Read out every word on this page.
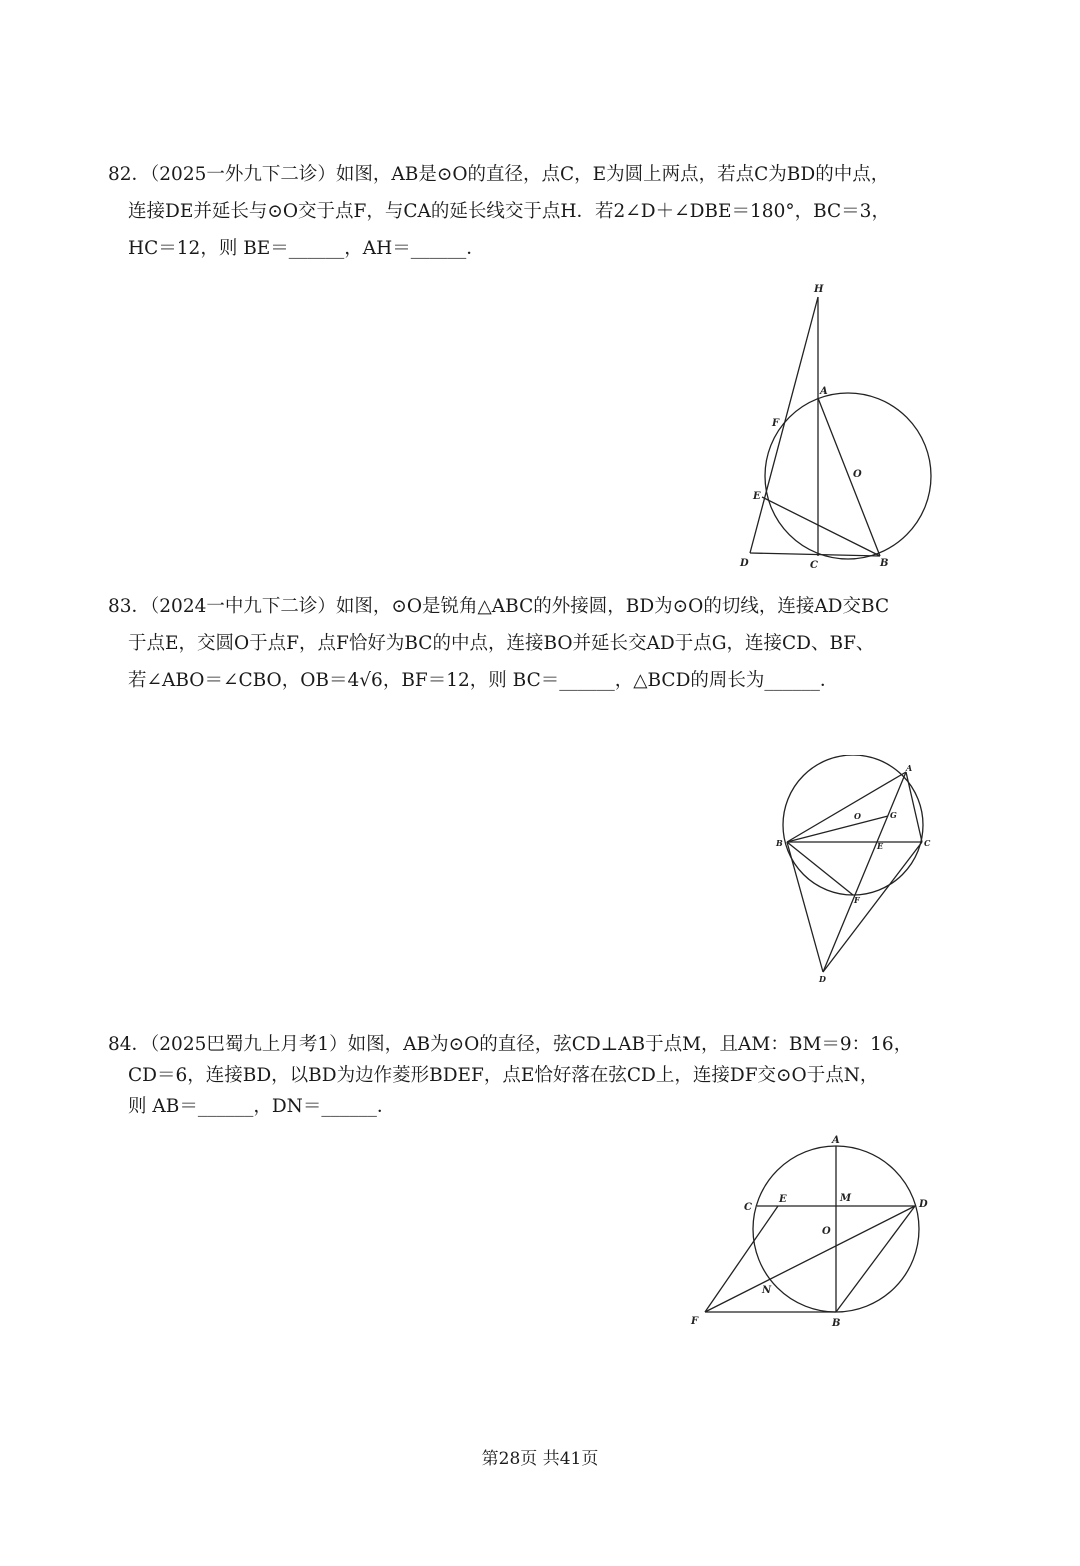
82．（2025一外九下二诊）如图，AB是⊙O的直径，点C，E为圆上两点，若点C为BD的中点，
连接DE并延长与⊙O交于点F，与CA的延长线交于点H．若2∠D＋∠DBE＝180°，BC＝3，
HC＝12，则 BE＝______，AH＝______．
H
A
F
O
E
D	C	B
83．（2024一中九下二诊）如图，⊙O是锐角△ABC的外接圆，BD为⊙O的切线，连接AD交BC
于点E，交圆O于点F，点F恰好为BC的中点，连接BO并延长交AD于点G，连接CD、BF、
若∠ABO＝∠CBO，OB＝4√6，BF＝12，则 BC＝______，△BCD的周长为______．
A
O	G
B	E	C
F
D
84．（2025巴蜀九上月考1）如图，AB为⊙O的直径，弦CD⊥AB于点M，且AM：BM＝9：16，
CD＝6，连接BD，以BD为边作菱形BDEF，点E恰好落在弦CD上，连接DF交⊙O于点N，
则 AB＝______，DN＝______．
A
C
E	M
D
O
N
F	B
第28页 共41页
